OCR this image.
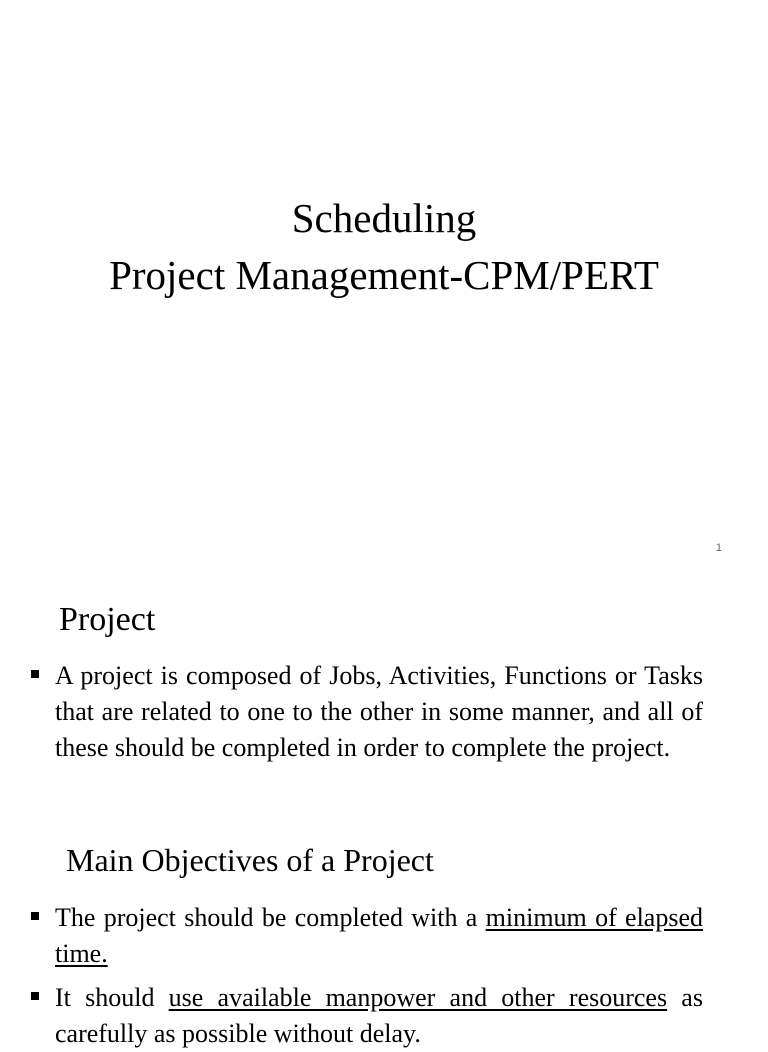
Scheduling
Project Management-CPM/PERT
1
Project
A project is composed of Jobs, Activities, Functions or Tasks that are related to one to the other in some manner, and all of these should be completed in order to complete the project.
Main Objectives of a Project
The project should be completed with a minimum of elapsed time.
It should use available manpower and other resources as carefully as possible without delay.
